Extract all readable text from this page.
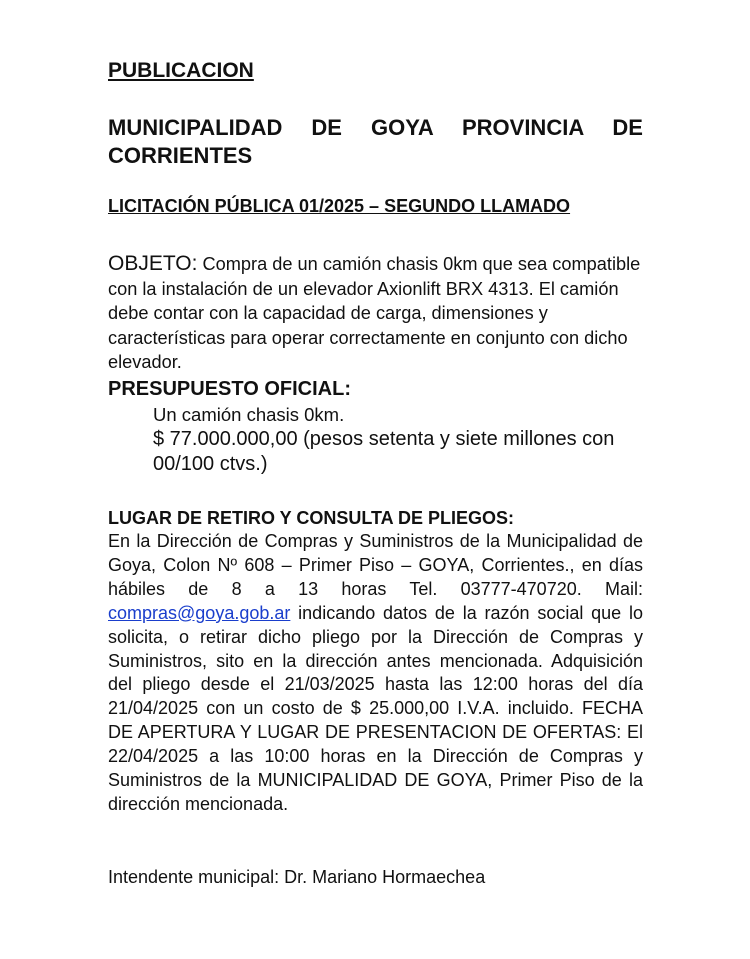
PUBLICACION
MUNICIPALIDAD DE GOYA PROVINCIA DE CORRIENTES
LICITACIÓN PÚBLICA 01/2025 – SEGUNDO LLAMADO
OBJETO: Compra de un camión chasis 0km que sea compatible con la instalación de un elevador Axionlift BRX 4313. El camión debe contar con la capacidad de carga, dimensiones y características para operar correctamente en conjunto con dicho elevador.
PRESUPUESTO OFICIAL:
Un camión chasis 0km.
$ 77.000.000,00 (pesos setenta y siete millones con 00/100 ctvs.)
LUGAR DE RETIRO Y CONSULTA DE PLIEGOS:
En la Dirección de Compras y Suministros de la Municipalidad de Goya, Colon Nº 608 – Primer Piso – GOYA, Corrientes., en días hábiles de 8 a 13 horas Tel. 03777-470720. Mail: compras@goya.gob.ar indicando datos de la razón social que lo solicita, o retirar dicho pliego por la Dirección de Compras y Suministros, sito en la dirección antes mencionada. Adquisición del pliego desde el 21/03/2025 hasta las 12:00 horas del día 21/04/2025 con un costo de $ 25.000,00 I.V.A. incluido. FECHA DE APERTURA Y LUGAR DE PRESENTACION DE OFERTAS: El 22/04/2025 a las 10:00 horas en la Dirección de Compras y Suministros de la MUNICIPALIDAD DE GOYA, Primer Piso de la dirección mencionada.
Intendente municipal: Dr. Mariano Hormaechea
